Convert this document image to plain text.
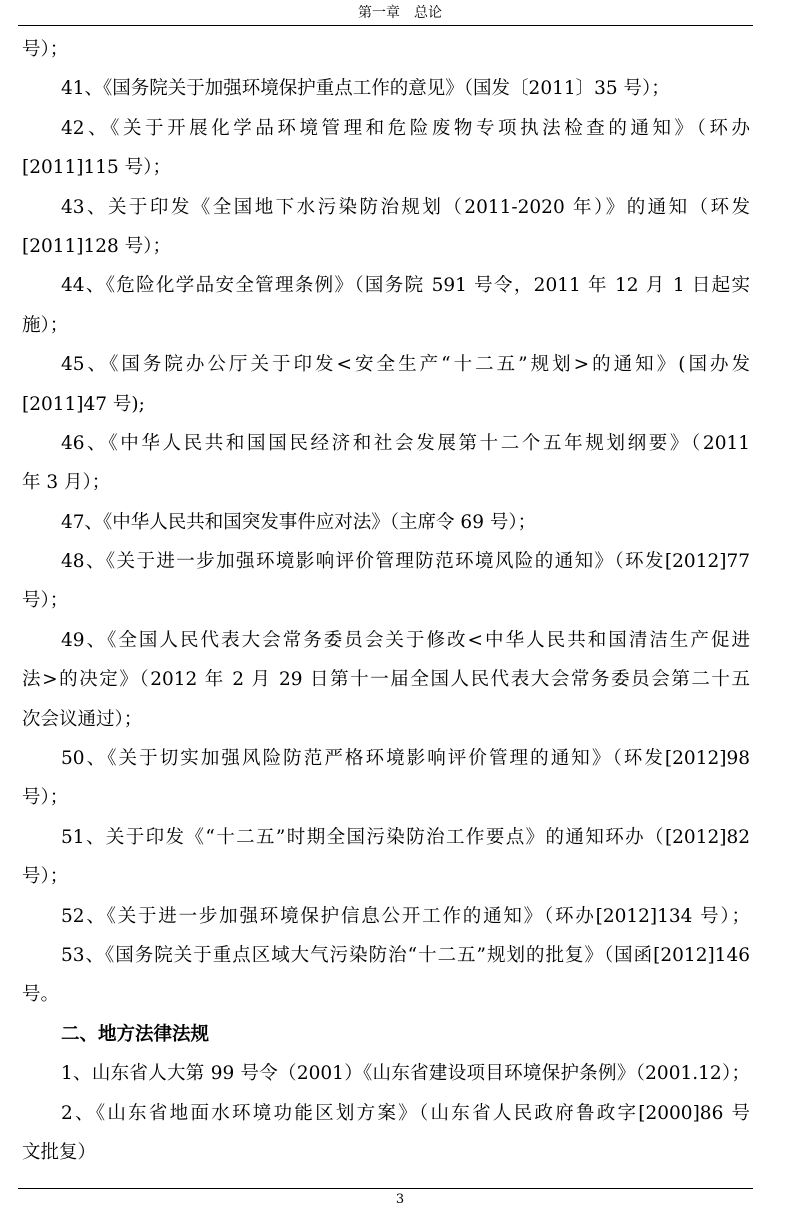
第一章　总论
号）；
41、《国务院关于加强环境保护重点工作的意见》（国发〔2011〕35 号）；
42、《关于开展化学品环境管理和危险废物专项执法检查的通知》（环办
[2011]115 号）；
43、关于印发《全国地下水污染防治规划（2011-2020 年）》的通知（环发
[2011]128 号）；
44、《危险化学品安全管理条例》（国务院 591 号令，2011 年 12 月 1 日起实
施）；
45、《国务院办公厅关于印发<安全生产“十二五”规划>的通知》(国办发
[2011]47 号);
46、《中华人民共和国国民经济和社会发展第十二个五年规划纲要》（2011
年 3 月）；
47、《中华人民共和国突发事件应对法》（主席令 69 号）；
48、《关于进一步加强环境影响评价管理防范环境风险的通知》（环发[2012]77
号）；
49、《全国人民代表大会常务委员会关于修改<中华人民共和国清洁生产促进
法>的决定》（2012 年 2 月 29 日第十一届全国人民代表大会常务委员会第二十五
次会议通过）；
50、《关于切实加强风险防范严格环境影响评价管理的通知》（环发[2012]98
号）；
51、关于印发《“十二五”时期全国污染防治工作要点》的通知环办（[2012]82
号）；
52、《关于进一步加强环境保护信息公开工作的通知》（环办[2012]134 号）；
53、《国务院关于重点区域大气污染防治“十二五”规划的批复》（国函[2012]146
号。
二、地方法律法规
1、山东省人大第 99 号令（2001）《山东省建设项目环境保护条例》（2001.12）；
2、《山东省地面水环境功能区划方案》（山东省人民政府鲁政字[2000]86 号
文批复）
3
